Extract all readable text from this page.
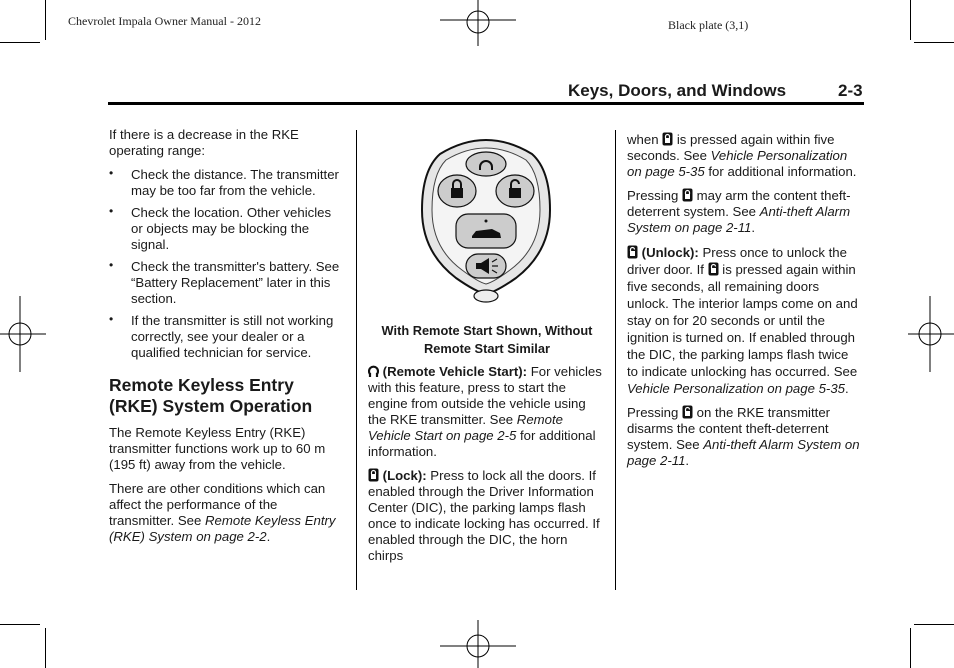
Chevrolet Impala Owner Manual - 2012	Black plate (3,1)
Keys, Doors, and Windows	2-3

If there is a decrease in the RKE operating range:

• Check the distance. The transmitter may be too far from the vehicle.
• Check the location. Other vehicles or objects may be blocking the signal.
• Check the transmitter's battery. See “Battery Replacement” later in this section.
• If the transmitter is still not working correctly, see your dealer or a qualified technician for service.
Remote Keyless Entry (RKE) System Operation

The Remote Keyless Entry (RKE) transmitter functions work up to 60 m (195 ft) away from the vehicle.

There are other conditions which can affect the performance of the transmitter. See Remote Keyless Entry (RKE) System on page 2-2.

With Remote Start Shown, Without
Remote Start Similar

(Remote Vehicle Start): For vehicles with this feature, press to start the engine from outside the vehicle using the RKE transmitter. See Remote Vehicle Start on page 2-5 for additional information.

(Lock): Press to lock all the doors. If enabled through the Driver Information Center (DIC), the parking lamps flash once to indicate locking has occurred. If enabled through the DIC, the horn chirps

when  is pressed again within five seconds. See Vehicle Personalization on page 5-35 for additional information.

Pressing  may arm the content theft-deterrent system. See Anti-theft Alarm System on page 2-11.

(Unlock): Press once to unlock the driver door. If  is pressed again within five seconds, all remaining doors unlock. The interior lamps come on and stay on for 20 seconds or until the ignition is turned on. If enabled through the DIC, the parking lamps flash twice to indicate unlocking has occurred. See Vehicle Personalization on page 5-35.

Pressing  on the RKE transmitter disarms the content theft-deterrent system. See Anti-theft Alarm System on page 2-11.
